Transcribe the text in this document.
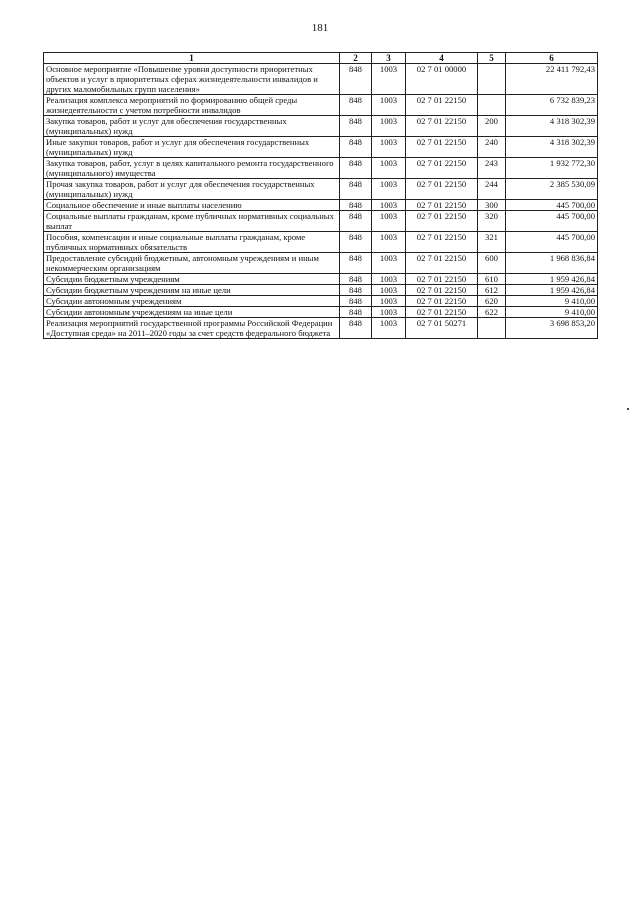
181
1	2	3	4	5	6
Основное мероприятие «Повышение уровня доступности приоритетных объектов и услуг в приоритетных сферах жизнедеятельности инвалидов и других маломобильных групп населения»	848	1003	02 7 01 00000		22 411 792,43
Реализация комплекса мероприятий по формированию общей среды жизнедеятельности с учетом потребности инвалидов	848	1003	02 7 01 22150		6 732 839,23
Закупка товаров, работ и услуг для обеспечения государственных (муниципальных) нужд	848	1003	02 7 01 22150	200	4 318 302,39
Иные закупки товаров, работ и услуг для обеспечения государственных (муниципальных) нужд	848	1003	02 7 01 22150	240	4 318 302,39
Закупка товаров, работ, услуг в целях капитального ремонта государственного (муниципального) имущества	848	1003	02 7 01 22150	243	1 932 772,30
Прочая закупка товаров, работ и услуг для обеспечения государственных (муниципальных) нужд	848	1003	02 7 01 22150	244	2 385 530,09
Социальное обеспечение и иные выплаты населению	848	1003	02 7 01 22150	300	445 700,00
Социальные выплаты гражданам, кроме публичных нормативных социальных выплат	848	1003	02 7 01 22150	320	445 700,00
Пособия, компенсации и иные социальные выплаты гражданам, кроме публичных нормативных обязательств	848	1003	02 7 01 22150	321	445 700,00
Предоставление субсидий бюджетным, автономным учреждениям и иным некоммерческим организациям	848	1003	02 7 01 22150	600	1 968 836,84
Субсидии бюджетным учреждениям	848	1003	02 7 01 22150	610	1 959 426,84
Субсидии бюджетным учреждениям на иные цели	848	1003	02 7 01 22150	612	1 959 426,84
Субсидии автономным учреждениям	848	1003	02 7 01 22150	620	9 410,00
Субсидии автономным учреждениям на иные цели	848	1003	02 7 01 22150	622	9 410,00
Реализация мероприятий государственной программы Российской Федерации «Доступная среда» на 2011–2020 годы за счет средств федерального бюджета	848	1003	02 7 01 50271		3 698 853,20
